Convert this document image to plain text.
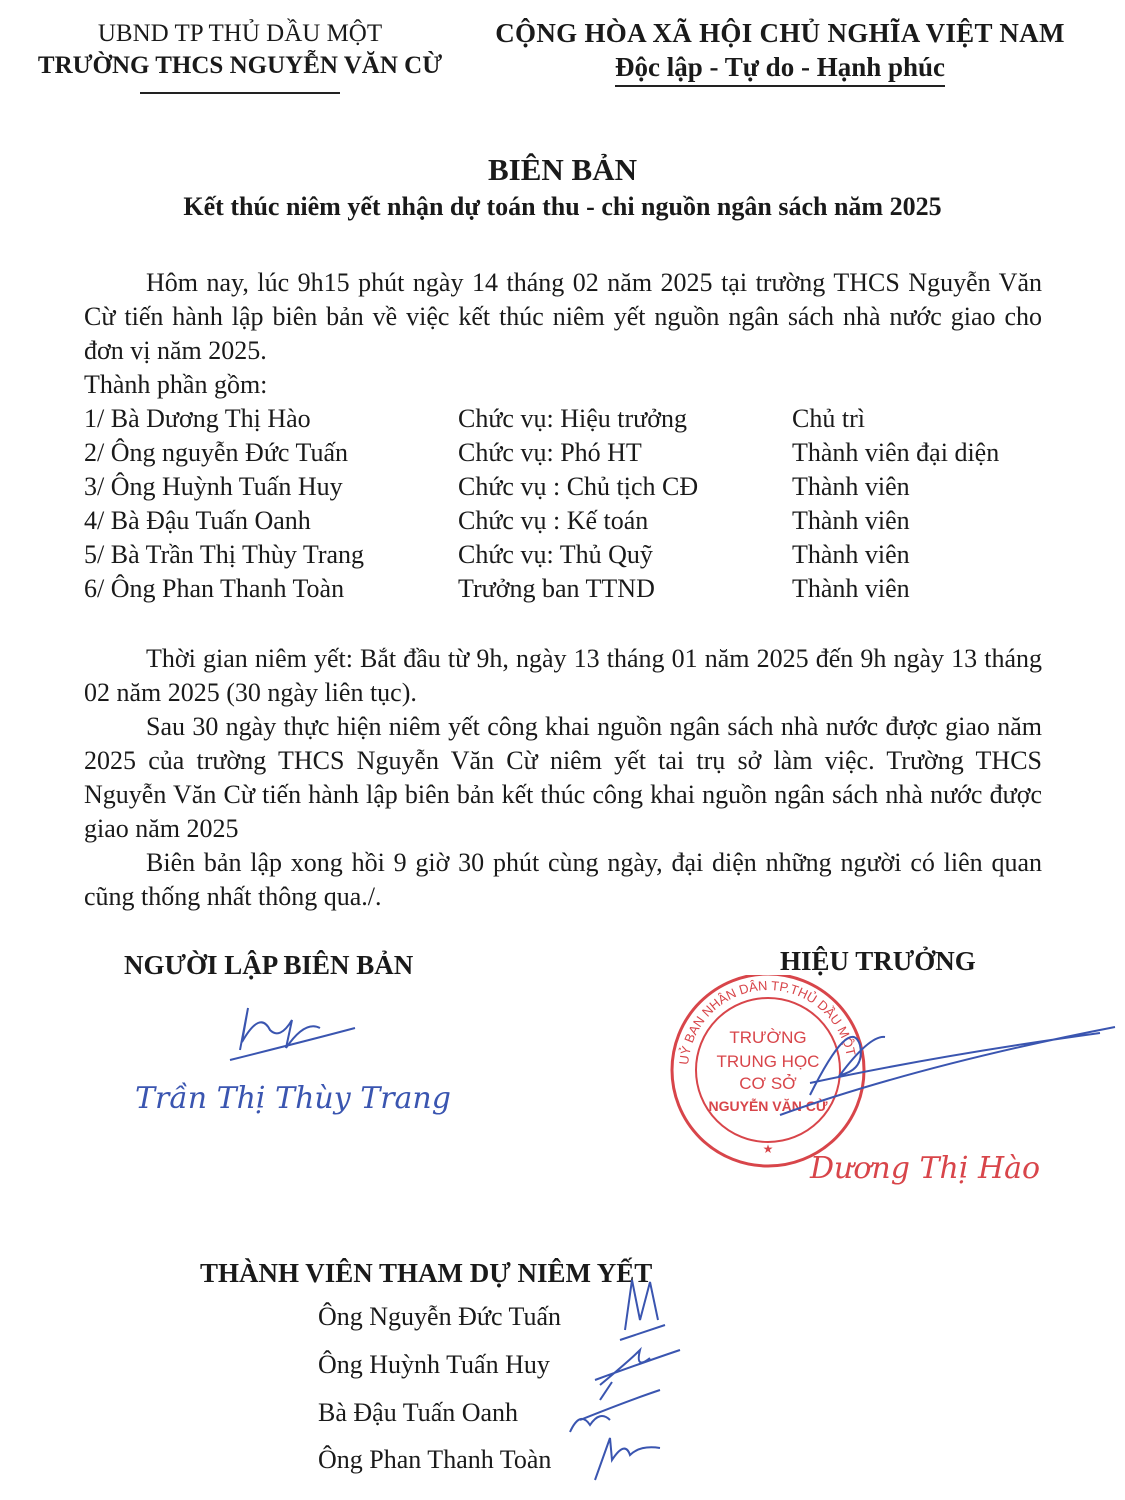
UBND TP THỦ DẦU MỘT
TRƯỜNG THCS NGUYỄN VĂN CỪ
CỘNG HÒA XÃ HỘI CHỦ NGHĨA VIỆT NAM
Độc lập - Tự do - Hạnh phúc
BIÊN BẢN
Kết thúc niêm yết nhận dự toán thu - chi nguồn ngân sách năm 2025
Hôm nay, lúc 9h15 phút ngày 14 tháng 02 năm 2025 tại trường THCS Nguyễn Văn Cừ tiến hành lập biên bản về việc kết thúc niêm yết nguồn ngân sách nhà nước giao cho đơn vị năm 2025.
Thành phần gồm:
1/ Bà Dương Thị Hào	Chức vụ: Hiệu trưởng	Chủ trì
2/ Ông nguyễn Đức Tuấn	Chức vụ: Phó HT	Thành viên đại diện
3/ Ông Huỳnh Tuấn Huy	Chức vụ : Chủ tịch CĐ	Thành viên
4/ Bà Đậu Tuấn Oanh	Chức vụ : Kế toán	Thành viên
5/ Bà Trần Thị Thùy Trang	Chức vụ: Thủ Quỹ	Thành viên
6/ Ông Phan Thanh Toàn	Trưởng ban TTND	Thành viên
Thời gian niêm yết: Bắt đầu từ 9h, ngày 13 tháng 01 năm 2025 đến 9h ngày 13 tháng 02 năm 2025 (30 ngày liên tục).
Sau 30 ngày thực hiện niêm yết công khai nguồn ngân sách nhà nước được giao năm 2025 của trường THCS Nguyễn Văn Cừ niêm yết tai trụ sở làm việc. Trường THCS Nguyễn Văn Cừ tiến hành lập biên bản kết thúc công khai nguồn ngân sách nhà nước được giao năm 2025
Biên bản lập xong hồi 9 giờ 30 phút cùng ngày, đại diện những người có liên quan cũng thống nhất thông qua./.
NGƯỜI LẬP BIÊN BẢN	HIỆU TRƯỞNG
Trần Thị Thùy Trang
UỶ BAN NHÂN DÂN TP.THỦ DẦU MỘT
TRƯỜNG
TRUNG HỌC
CƠ SỞ
NGUYỄN VĂN CỪ
★
Dương Thị Hào
THÀNH VIÊN THAM DỰ NIÊM YẾT
Ông Nguyễn Đức Tuấn
Ông Huỳnh Tuấn Huy
Bà Đậu Tuấn Oanh
Ông Phan Thanh Toàn
